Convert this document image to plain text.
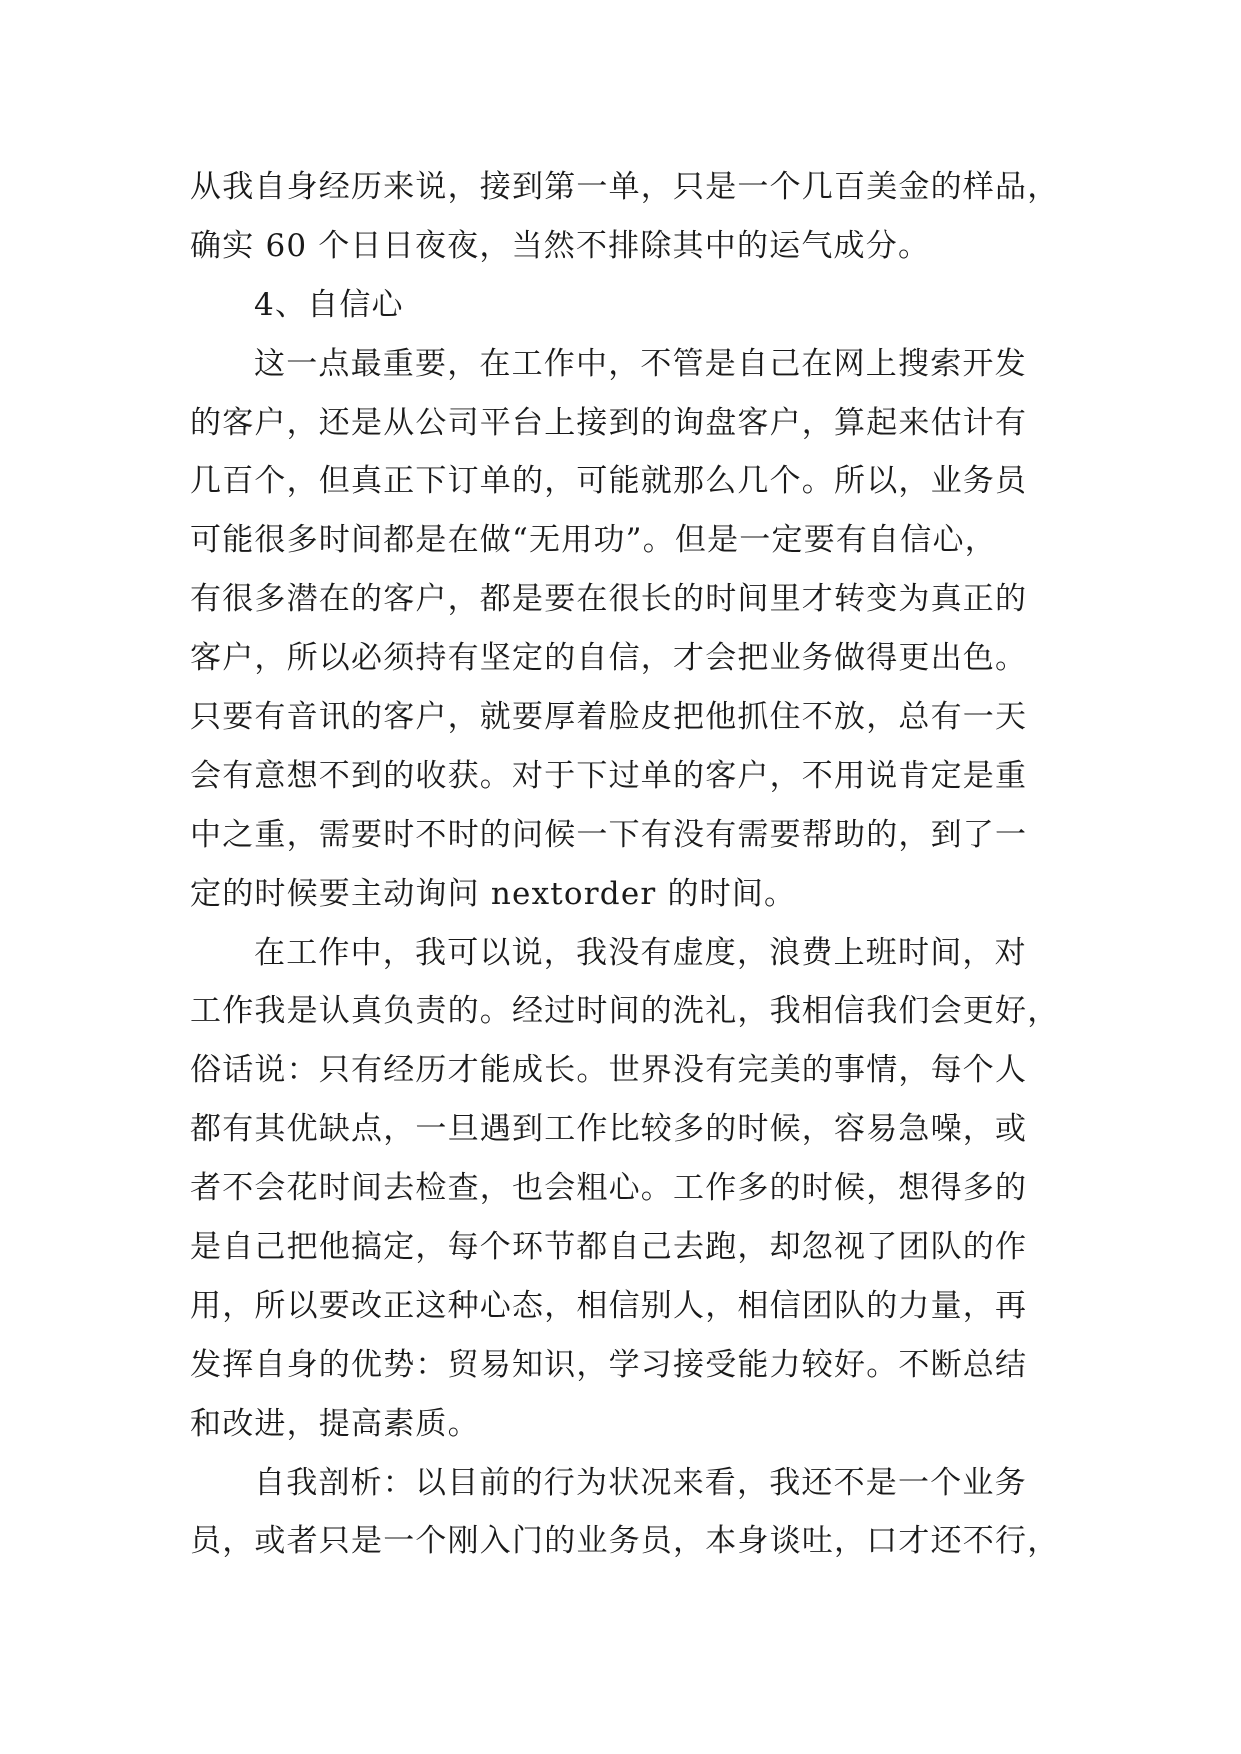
从我自身经历来说，接到第一单，只是一个几百美金的样品，
确实 60 个日日夜夜，当然不排除其中的运气成分。
4、自信心
这一点最重要，在工作中，不管是自己在网上搜索开发
的客户，还是从公司平台上接到的询盘客户，算起来估计有
几百个，但真正下订单的，可能就那么几个。所以，业务员
可能很多时间都是在做“无用功”。但是一定要有自信心，
有很多潜在的客户，都是要在很长的时间里才转变为真正的
客户，所以必须持有坚定的自信，才会把业务做得更出色。
只要有音讯的客户，就要厚着脸皮把他抓住不放，总有一天
会有意想不到的收获。对于下过单的客户，不用说肯定是重
中之重，需要时不时的问候一下有没有需要帮助的，到了一
定的时候要主动询问 nextorder 的时间。
在工作中，我可以说，我没有虚度，浪费上班时间，对
工作我是认真负责的。经过时间的洗礼，我相信我们会更好，
俗话说：只有经历才能成长。世界没有完美的事情，每个人
都有其优缺点，一旦遇到工作比较多的时候，容易急噪，或
者不会花时间去检查，也会粗心。工作多的时候，想得多的
是自己把他搞定，每个环节都自己去跑，却忽视了团队的作
用，所以要改正这种心态，相信别人，相信团队的力量，再
发挥自身的优势：贸易知识，学习接受能力较好。不断总结
和改进，提高素质。
自我剖析：以目前的行为状况来看，我还不是一个业务
员，或者只是一个刚入门的业务员，本身谈吐，口才还不行，
